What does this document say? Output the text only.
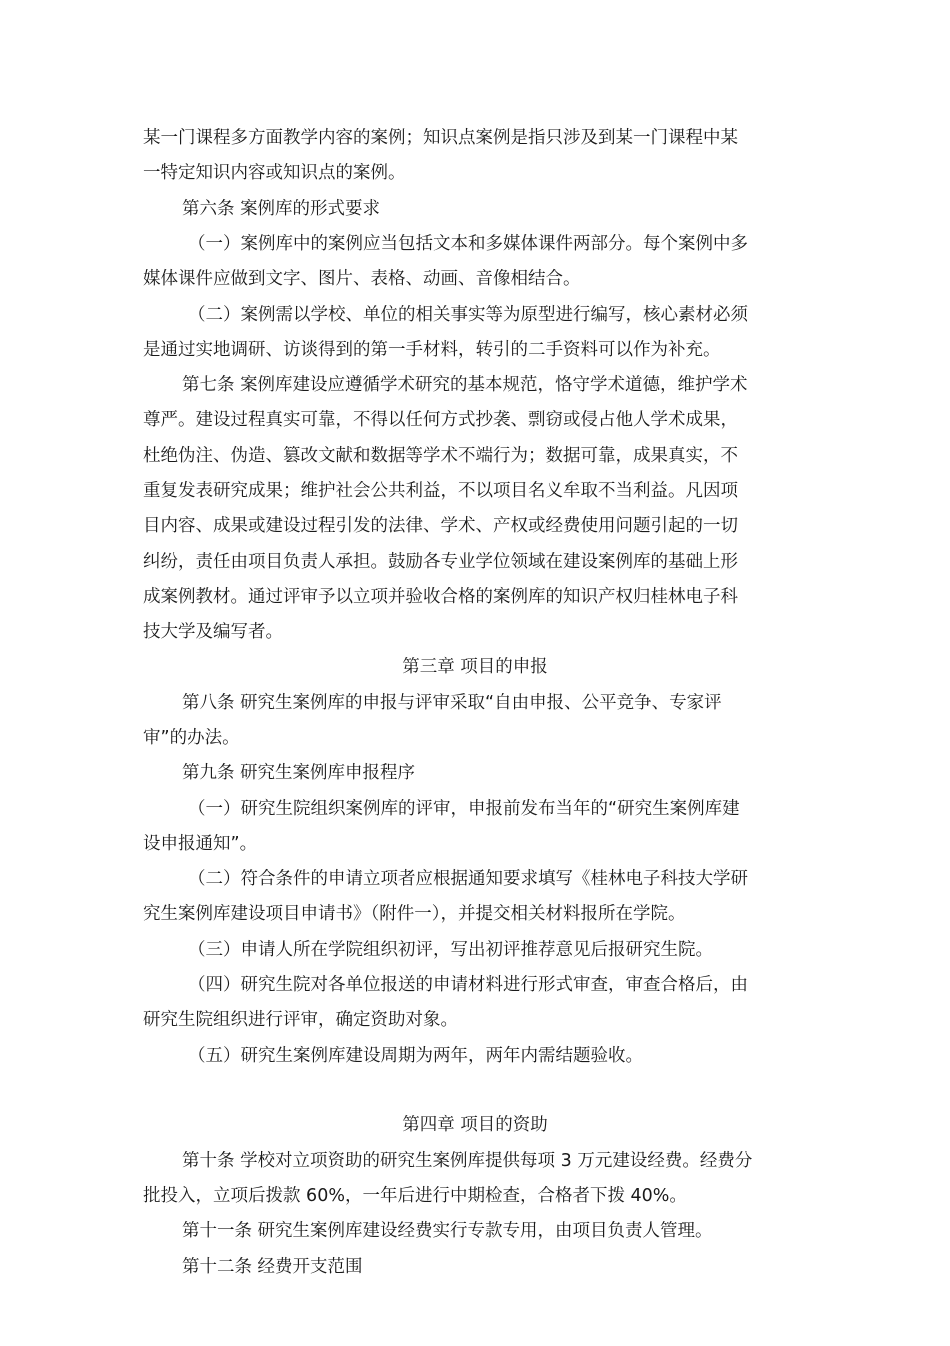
某一门课程多方面教学内容的案例；知识点案例是指只涉及到某一门课程中某
一特定知识内容或知识点的案例。
第六条 案例库的形式要求
（一）案例库中的案例应当包括文本和多媒体课件两部分。每个案例中多
媒体课件应做到文字、图片、表格、动画、音像相结合。
（二）案例需以学校、单位的相关事实等为原型进行编写，核心素材必须
是通过实地调研、访谈得到的第一手材料，转引的二手资料可以作为补充。
第七条 案例库建设应遵循学术研究的基本规范，恪守学术道德，维护学术
尊严。建设过程真实可靠，不得以任何方式抄袭、剽窃或侵占他人学术成果，
杜绝伪注、伪造、篡改文献和数据等学术不端行为；数据可靠，成果真实，不
重复发表研究成果；维护社会公共利益，不以项目名义牟取不当利益。凡因项
目内容、成果或建设过程引发的法律、学术、产权或经费使用问题引起的一切
纠纷，责任由项目负责人承担。鼓励各专业学位领域在建设案例库的基础上形
成案例教材。通过评审予以立项并验收合格的案例库的知识产权归桂林电子科
技大学及编写者。
第三章 项目的申报
第八条 研究生案例库的申报与评审采取“自由申报、公平竞争、专家评
审”的办法。
第九条 研究生案例库申报程序
（一）研究生院组织案例库的评审，申报前发布当年的“研究生案例库建
设申报通知”。
（二）符合条件的申请立项者应根据通知要求填写《桂林电子科技大学研
究生案例库建设项目申请书》（附件一），并提交相关材料报所在学院。
（三）申请人所在学院组织初评，写出初评推荐意见后报研究生院。
（四）研究生院对各单位报送的申请材料进行形式审查，审查合格后，由
研究生院组织进行评审，确定资助对象。
（五）研究生案例库建设周期为两年，两年内需结题验收。
第四章 项目的资助
第十条 学校对立项资助的研究生案例库提供每项 3 万元建设经费。经费分
批投入，立项后拨款 60%，一年后进行中期检查，合格者下拨 40%。
第十一条 研究生案例库建设经费实行专款专用，由项目负责人管理。
第十二条 经费开支范围
